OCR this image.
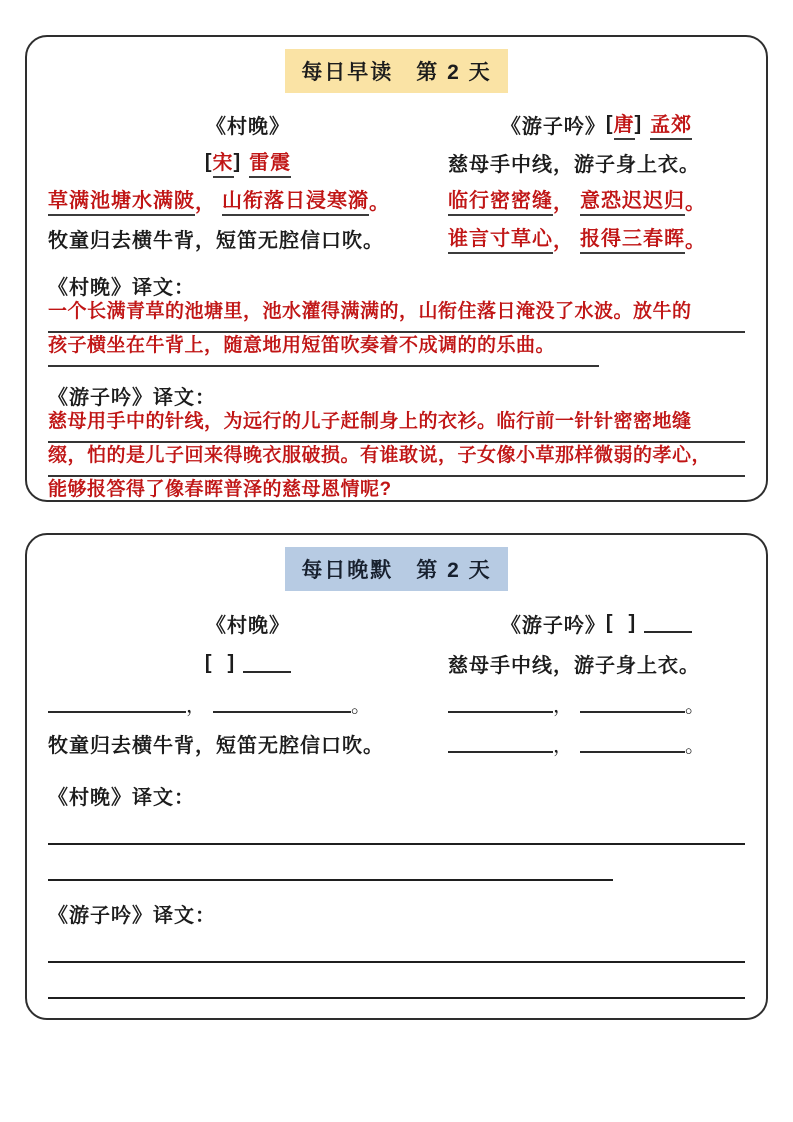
每日早读　第 2 天
《村晚》
[ 宋 ] 雷震
草满池塘水满陂 ， 山衔落日浸寒漪 。
牧童归去横牛背，短笛无腔信口吹。
《游子吟》 [ 唐 ] 孟郊
慈母手中线，游子身上衣。
临行密密缝 ， 意恐迟迟归 。
谁言寸草心 ， 报得三春晖 。
《村晚》译文：
一个长满青草的池塘里，池水灌得满满的，山衔住落日淹没了水波。放牛的
孩子横坐在牛背上，随意地用短笛吹奏着不成调的的乐曲。
《游子吟》译文：
慈母用手中的针线，为远行的儿子赶制身上的衣衫。临行前一针针密密地缝
缀，怕的是儿子回来得晚衣服破损。有谁敢说，子女像小草那样微弱的孝心，
能够报答得了像春晖普泽的慈母恩情呢?
每日晚默　第 2 天
《村晚》
[ ]
，	。
牧童归去横牛背，短笛无腔信口吹。
《游子吟》 [ ]
慈母手中线，游子身上衣。
，	。
，	。
《村晚》译文：
《游子吟》译文：
